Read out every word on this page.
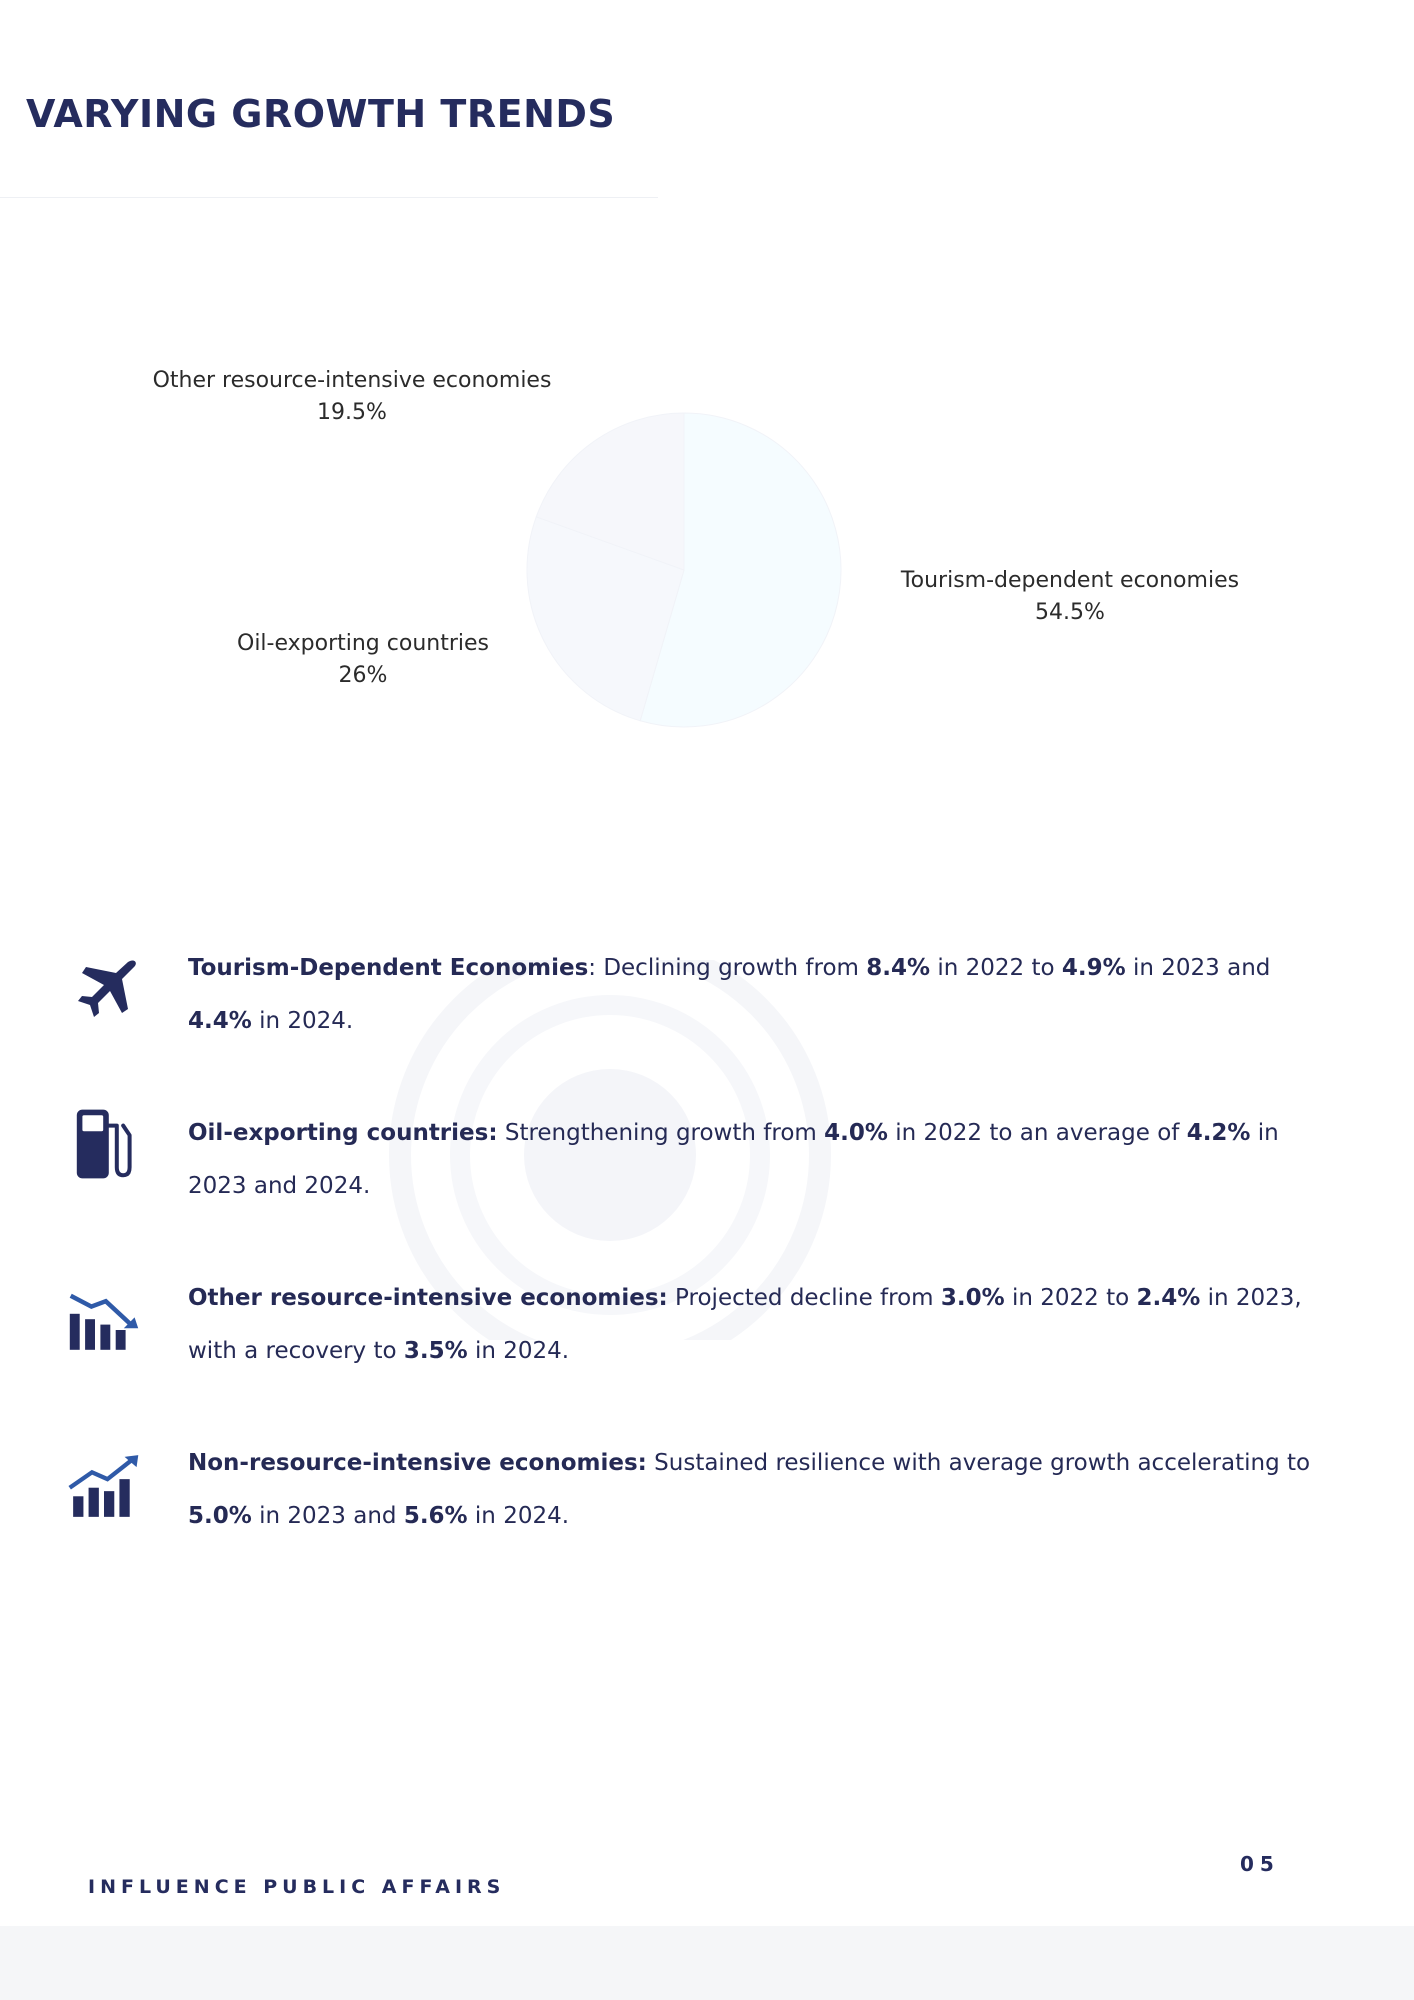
VARYING GROWTH TRENDS
Other resource-intensive economies
19.5%
Tourism-dependent economies
54.5%
Oil-exporting countries
26%

Tourism-Dependent Economies: Declining growth from 8.4% in 2022 to 4.9% in 2023 and 4.4% in 2024.

Oil-exporting countries: Strengthening growth from 4.0% in 2022 to an average of 4.2% in 2023 and 2024.

Other resource-intensive economies: Projected decline from 3.0% in 2022 to 2.4% in 2023, with a recovery to 3.5% in 2024.

Non-resource-intensive economies: Sustained resilience with average growth accelerating to 5.0% in 2023 and 5.6% in 2024.

05
INFLUENCE PUBLIC AFFAIRS
